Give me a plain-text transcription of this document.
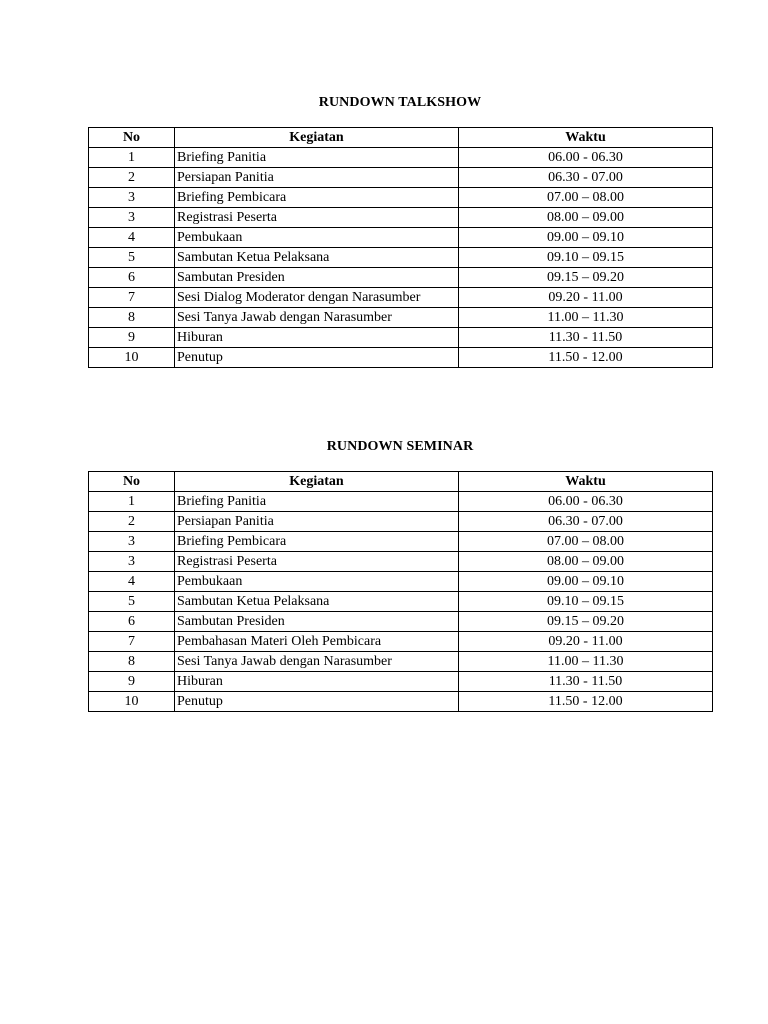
RUNDOWN TALKSHOW
No	Kegiatan	Waktu
1	Briefing Panitia	06.00 - 06.30
2	Persiapan Panitia	06.30 - 07.00
3	Briefing Pembicara	07.00 – 08.00
3	Registrasi Peserta	08.00 – 09.00
4	Pembukaan	09.00 – 09.10
5	Sambutan Ketua Pelaksana	09.10 – 09.15
6	Sambutan Presiden	09.15 – 09.20
7	Sesi Dialog Moderator dengan Narasumber	09.20 - 11.00
8	Sesi Tanya Jawab dengan Narasumber	11.00 – 11.30
9	Hiburan	11.30 - 11.50
10	Penutup	11.50 - 12.00
RUNDOWN SEMINAR
No	Kegiatan	Waktu
1	Briefing Panitia	06.00 - 06.30
2	Persiapan Panitia	06.30 - 07.00
3	Briefing Pembicara	07.00 – 08.00
3	Registrasi Peserta	08.00 – 09.00
4	Pembukaan	09.00 – 09.10
5	Sambutan Ketua Pelaksana	09.10 – 09.15
6	Sambutan Presiden	09.15 – 09.20
7	Pembahasan Materi Oleh Pembicara	09.20 - 11.00
8	Sesi Tanya Jawab dengan Narasumber	11.00 – 11.30
9	Hiburan	11.30 - 11.50
10	Penutup	11.50 - 12.00
